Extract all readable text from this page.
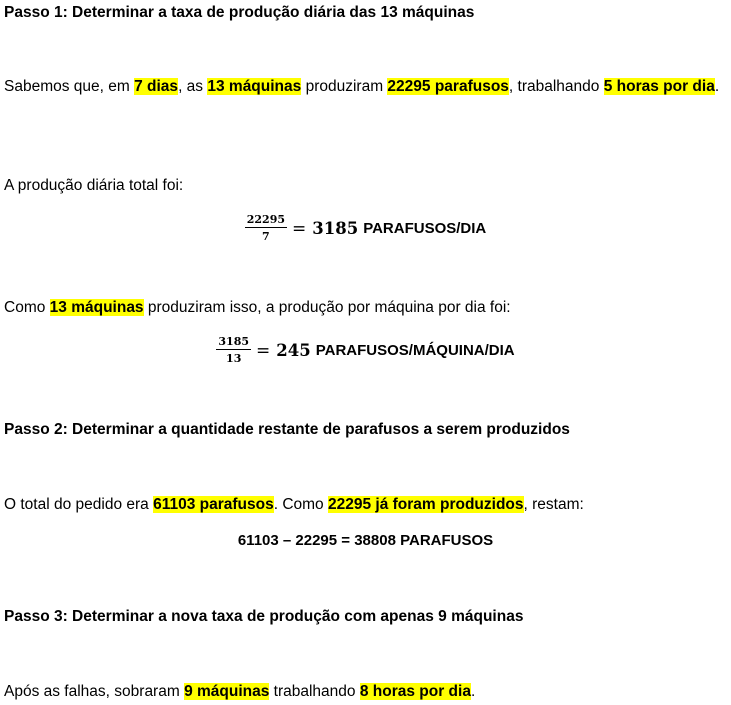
Passo 1: Determinar a taxa de produção diária das 13 máquinas
Sabemos que, em 7 dias, as 13 máquinas produziram 22295 parafusos, trabalhando 5 horas por dia.
A produção diária total foi:
$\frac{22295}{7} = 3185$ PARAFUSOS/DIA
Como 13 máquinas produziram isso, a produção por máquina por dia foi:
$\frac{3185}{13} = 245$ PARAFUSOS/MÁQUINA/DIA
Passo 2: Determinar a quantidade restante de parafusos a serem produzidos
O total do pedido era 61103 parafusos. Como 22295 já foram produzidos, restam:
61103 – 22295 = 38808 PARAFUSOS
Passo 3: Determinar a nova taxa de produção com apenas 9 máquinas
Após as falhas, sobraram 9 máquinas trabalhando 8 horas por dia.
